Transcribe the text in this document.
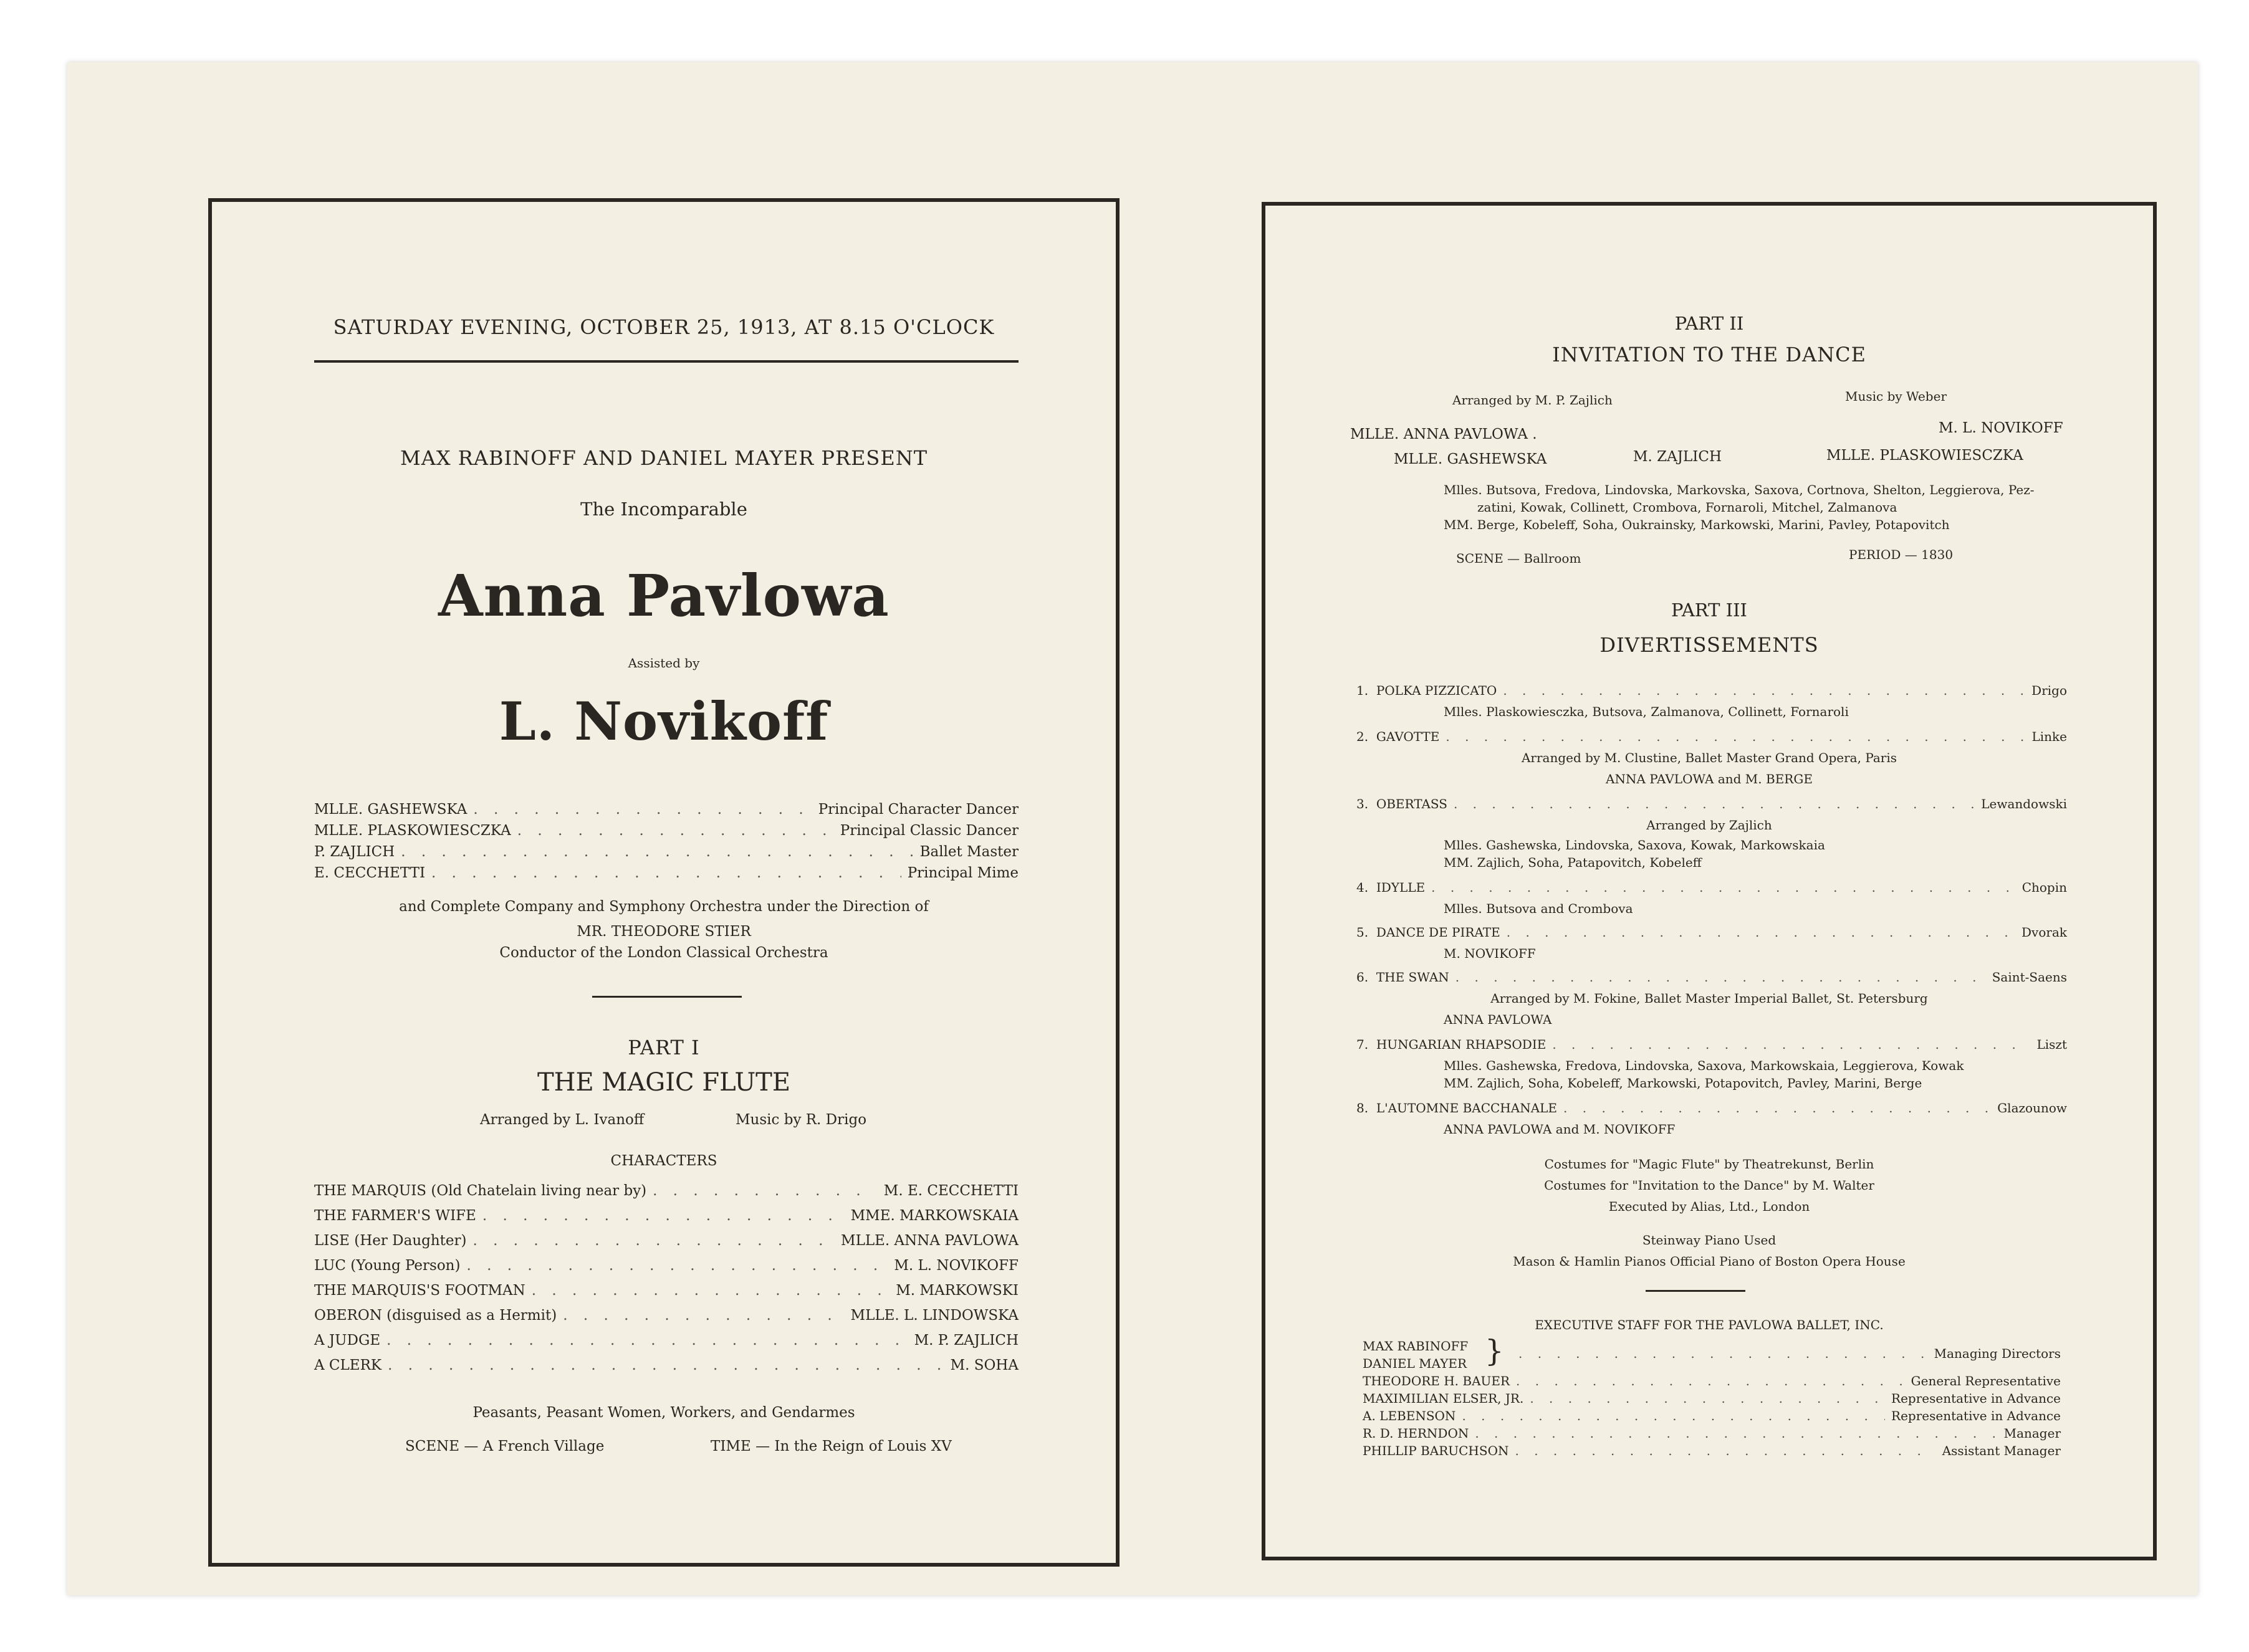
SATURDAY EVENING, OCTOBER 25, 1913, AT 8.15 O'CLOCK
MAX RABINOFF AND DANIEL MAYER PRESENT
The Incomparable
Anna Pavlowa
Assisted by
L. Novikoff
MLLE. GASHEWSKA . . .	Principal Character Dancer
MLLE. PLASKOWIESCZKA . . .	Principal Classic Dancer
P. ZAJLICH . . .	Ballet Master
E. CECCHETTI . . .	Principal Mime
and Complete Company and Symphony Orchestra under the Direction of
MR. THEODORE STIER
Conductor of the London Classical Orchestra
PART I
THE MAGIC FLUTE
Arranged by L. Ivanoff	Music by R. Drigo
CHARACTERS
THE MARQUIS (Old Chatelain living near by) . . .	M. E. CECCHETTI
THE FARMER'S WIFE . . .	MME. MARKOWSKAIA
LISE (Her Daughter) . . .	MLLE. ANNA PAVLOWA
LUC (Young Person) . . .	M. L. NOVIKOFF
THE MARQUIS'S FOOTMAN . . .	M. MARKOWSKI
OBERON (disguised as a Hermit) . . .	MLLE. L. LINDOWSKA
A JUDGE . . .	M. P. ZAJLICH
A CLERK . . .	M. SOHA
Peasants, Peasant Women, Workers, and Gendarmes
SCENE — A French Village	TIME — In the Reign of Louis XV
PART II
INVITATION TO THE DANCE
Arranged by M. P. Zajlich	Music by Weber
MLLE. ANNA PAVLOWA .	M. L. NOVIKOFF
MLLE. GASHEWSKA	M. ZAJLICH	MLLE. PLASKOWIESCZKA
Mlles. Butsova, Fredova, Lindovska, Markovska, Saxova, Cortnova, Shelton, Leggierova, Pez-
zatini, Kowak, Collinett, Crombova, Fornaroli, Mitchel, Zalmanova
MM. Berge, Kobeleff, Soha, Oukrainsky, Markowski, Marini, Pavley, Potapovitch
SCENE — Ballroom	PERIOD — 1830
PART III
DIVERTISSEMENTS
1.
POLKA PIZZICATO . . .	Drigo
Mlles. Plaskowiesczka, Butsova, Zalmanova, Collinett, Fornaroli
2.
GAVOTTE . . .	Linke
Arranged by M. Clustine, Ballet Master Grand Opera, Paris
ANNA PAVLOWA and M. BERGE
3.
OBERTASS . . .	Lewandowski
Arranged by Zajlich
Mlles. Gashewska, Lindovska, Saxova, Kowak, Markowskaia
MM. Zajlich, Soha, Patapovitch, Kobeleff
4.
IDYLLE . . .	Chopin
Mlles. Butsova and Crombova
5.
DANCE DE PIRATE . . .	Dvorak
M. NOVIKOFF
6.
THE SWAN . . .	Saint-Saens
Arranged by M. Fokine, Ballet Master Imperial Ballet, St. Petersburg
ANNA PAVLOWA
7.
HUNGARIAN RHAPSODIE . . .	Liszt
Mlles. Gashewska, Fredova, Lindovska, Saxova, Markowskaia, Leggierova, Kowak
MM. Zajlich, Soha, Kobeleff, Markowski, Potapovitch, Pavley, Marini, Berge
8.
L'AUTOMNE BACCHANALE . . .	Glazounow
ANNA PAVLOWA and M. NOVIKOFF
Costumes for "Magic Flute" by Theatrekunst, Berlin
Costumes for "Invitation to the Dance" by M. Walter
Executed by Alias, Ltd., London
Steinway Piano Used
Mason & Hamlin Pianos Official Piano of Boston Opera House
EXECUTIVE STAFF FOR THE PAVLOWA BALLET, INC.
MAX RABINOFF
DANIEL MAYER } . . .	Managing Directors
THEODORE H. BAUER . . .	General Representative
MAXIMILIAN ELSER, JR. . . .	Representative in Advance
A. LEBENSON . . .	Representative in Advance
R. D. HERNDON . . .	Manager
PHILLIP BARUCHSON . . .	Assistant Manager
